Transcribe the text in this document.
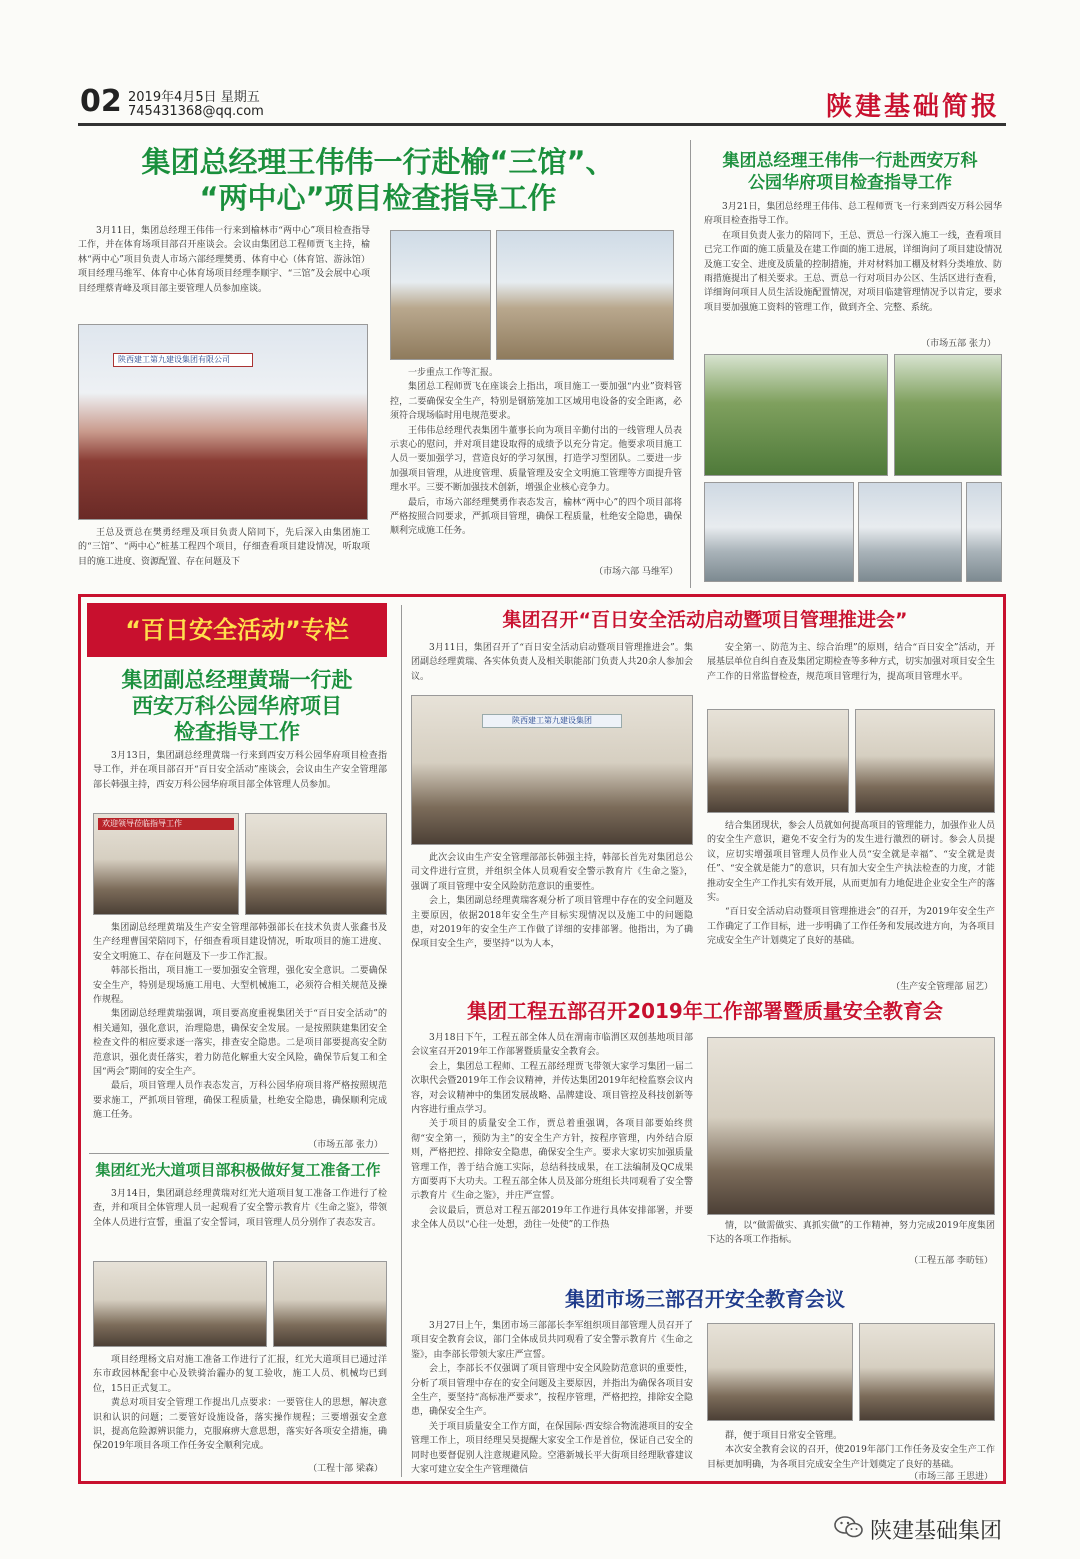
02 2019年4月5日 星期五
745431368@qq.com	陕建基础简报
集团总经理王伟伟一行赴榆“三馆”、
“两中心”项目检查指导工作
3月11日，集团总经理王伟伟一行来到榆林市“两中心”项目检查指导工作，并在体育场项目部召开座谈会。会议由集团总工程师贾飞主持，榆林“两中心”项目负责人市场六部经理樊勇、体育中心（体育馆、游泳馆）项目经理马维军、体育中心体育场项目经理李顺宇、“三馆”及会展中心项目经理蔡青峰及项目部主要管理人员参加座谈。
陕西建工第九建设集团有限公司
王总及贾总在樊勇经理及项目负责人陪同下，先后深入由集团施工的“三馆”、“两中心”桩基工程四个项目，仔细查看项目建设情况，听取项目的施工进度、资源配置、存在问题及下

一步重点工作等汇报。

集团总工程师贾飞在座谈会上指出，项目施工一要加强“内业”资料管控，二要确保安全生产，特别是钢筋笼加工区域用电设备的安全距离，必须符合现场临时用电规范要求。

王伟伟总经理代表集团牛董事长向为项目辛勤付出的一线管理人员表示衷心的慰问，并对项目建设取得的成绩予以充分肯定。他要求项目施工人员一要加强学习，营造良好的学习氛围，打造学习型团队。二要进一步加强项目管理，从进度管理、质量管理及安全文明施工管理等方面提升管理水平。三要不断加强技术创新，增强企业核心竞争力。

最后，市场六部经理樊勇作表态发言，榆林“两中心”的四个项目部将严格按照合同要求，严抓项目管理，确保工程质量，杜绝安全隐患，确保顺利完成施工任务。

（市场六部 马维军）
集团总经理王伟伟一行赴西安万科
公园华府项目检查指导工作

3月21日，集团总经理王伟伟、总工程师贾飞一行来到西安万科公园华府项目检查指导工作。

在项目负责人张力的陪同下，王总、贾总一行深入施工一线，查看项目已完工作面的施工质量及在建工作面的施工进展，详细询问了项目建设情况及施工安全、进度及质量的控制措施，并对材料加工棚及材料分类堆放、防雨措施提出了相关要求。王总、贾总一行对项目办公区、生活区进行查看，详细询问项目人员生活设施配置情况，对项目临建管理情况予以肯定，要求项目要加强施工资料的管理工作，做到齐全、完整、系统。

（市场五部 张力）
“百日安全活动”专栏
集团副总经理黄瑞一行赴
西安万科公园华府项目
检查指导工作
3月13日，集团副总经理黄瑞一行来到西安万科公园华府项目检查指导工作，并在项目部召开“百日安全活动”座谈会，会议由生产安全管理部部长韩强主持，西安万科公园华府项目部全体管理人员参加。
欢迎领导莅临指导工作

集团副总经理黄瑞及生产安全管理部韩强部长在技术负责人张鑫书及生产经理曹国荣陪同下，仔细查看项目建设情况，听取项目的施工进度、安全文明施工、存在问题及下一步工作汇报。

韩部长指出，项目施工一要加强安全管理，强化安全意识。二要确保安全生产，特别是现场施工用电、大型机械施工，必须符合相关规范及操作规程。

集团副总经理黄瑞强调，项目要高度重视集团关于“百日安全活动”的相关通知，强化意识，治理隐患，确保安全发展。一是按照陕建集团安全检查文件的相应要求逐一落实，排查安全隐患。二是项目部要提高安全防范意识，强化责任落实，着力防范化解重大安全风险，确保节后复工和全国“两会”期间的安全生产。

最后，项目管理人员作表态发言，万科公园华府项目将严格按照规范要求施工，严抓项目管理，确保工程质量，杜绝安全隐患，确保顺利完成施工任务。

（市场五部 张力）
集团红光大道项目部积极做好复工准备工作
3月14日，集团副总经理黄瑞对红光大道项目复工准备工作进行了检查，并和项目全体管理人员一起观看了安全警示教育片《生命之鉴》，带领全体人员进行宣誓，重温了安全誓词，项目管理人员分别作了表态发言。

项目经理杨文启对施工准备工作进行了汇报，红光大道项目已通过洋东市政园林配套中心及铁骑治霾办的复工验收，施工人员、机械均已到位，15日正式复工。

黄总对项目安全管理工作提出几点要求：一要管住人的思想，解决意识和认识的问题；二要管好设施设备，落实操作规程；三要增强安全意识，提高危险源辨识能力，克服麻痹大意思想，落实好各项安全措施，确保2019年项目各项工作任务安全顺利完成。

（工程十部 梁森）
集团召开“百日安全活动启动暨项目管理推进会”
3月11日，集团召开了“百日安全活动启动暨项目管理推进会”。集团副总经理黄瑞、各实体负责人及相关职能部门负责人共20余人参加会议。
陕西建工第九建设集团

此次会议由生产安全管理部部长韩强主持，韩部长首先对集团总公司文件进行宣贯，并组织全体人员观看安全警示教育片《生命之鉴》，强调了项目管理中安全风险防范意识的重要性。

会上，集团副总经理黄瑞客观分析了项目管理中存在的安全问题及主要原因，依据2018年安全生产目标实现情况以及施工中的问题隐患，对2019年的安全生产工作做了详细的安排部署。他指出，为了确保项目安全生产，要坚持“以为人本，

安全第一、防范为主、综合治理”的原则，结合“百日安全”活动，开展基层单位自纠自查及集团定期检查等多种方式，切实加强对项目安全生产工作的日常监督检查，规范项目管理行为，提高项目管理水平。

结合集团现状，参会人员就如何提高项目的管理能力，加强作业人员的安全生产意识，避免不安全行为的发生进行激烈的研讨。参会人员提议，应切实增强项目管理人员作业人员“安全就是幸福”、“安全就是责任”、“安全就是能力”的意识，只有加大安全生产执法检查的力度，才能推动安全生产工作扎实有效开展，从而更加有力地促进企业安全生产的落实。

“百日安全活动启动暨项目管理推进会”的召开，为2019年安全生产工作确定了工作目标，进一步明确了工作任务和发展改进方向，为各项目完成安全生产计划奠定了良好的基础。

（生产安全管理部 屈艺）
集团工程五部召开2019年工作部署暨质量安全教育会

3月18日下午，工程五部全体人员在渭南市临渭区双创基地项目部会议室召开2019年工作部署暨质量安全教育会。

会上，集团总工程师、工程五部经理贾飞带领大家学习集团一届二次职代会暨2019年工作会议精神，并传达集团2019年纪检监察会议内容，对会议精神中的集团发展战略、品牌建设、项目管控及科技创新等内容进行重点学习。

关于项目的质量安全工作，贾总着重强调，各项目部要始终贯彻“安全第一，预防为主”的安全生产方针，按程序管理，内外结合原则，严格把控、排除安全隐患，确保安全生产。要求大家切实加强质量管理工作，善于结合施工实际，总结科技成果，在工法编制及QC成果方面要再下大功夫。工程五部全体人员及部分班组长共同观看了安全警示教育片《生命之鉴》，并庄严宣誓。

会议最后，贾总对工程五部2019年工作进行具体安排部署，并要求全体人员以“心往一处想，劲往一处使”的工作热	情，以“做需做实、真抓实做”的工作精神，努力完成2019年度集团下达的各项工作指标。
（工程五部 李昉钰）
集团市场三部召开安全教育会议

3月27日上午，集团市场三部部长李军组织项目部管理人员召开了项目安全教育会议，部门全体成员共同观看了安全警示教育片《生命之鉴》，由李部长带领大家庄严宣誓。

会上，李部长不仅强调了项目管理中安全风险防范意识的重要性，分析了项目管理中存在的安全问题及主要原因，并指出为确保各项目安全生产，要坚持“高标准严要求”，按程序管理，严格把控，排除安全隐患，确保安全生产。

关于项目质量安全工作方面，在保国际·西安综合物流港项目的安全管理工作上，项目经理吴昊提醒大家安全工作是首位，保证自己安全的同时也要督促别人注意规避风险。空港新城长平大街项目经理耿睿建议大家可建立安全生产管理微信

群，便于项目日常安全管理。

本次安全教育会议的召开，使2019年部门工作任务及安全生产工作目标更加明确，为各项目完成安全生产计划奠定了良好的基础。

（市场三部 王思进）
陕建基础集团
